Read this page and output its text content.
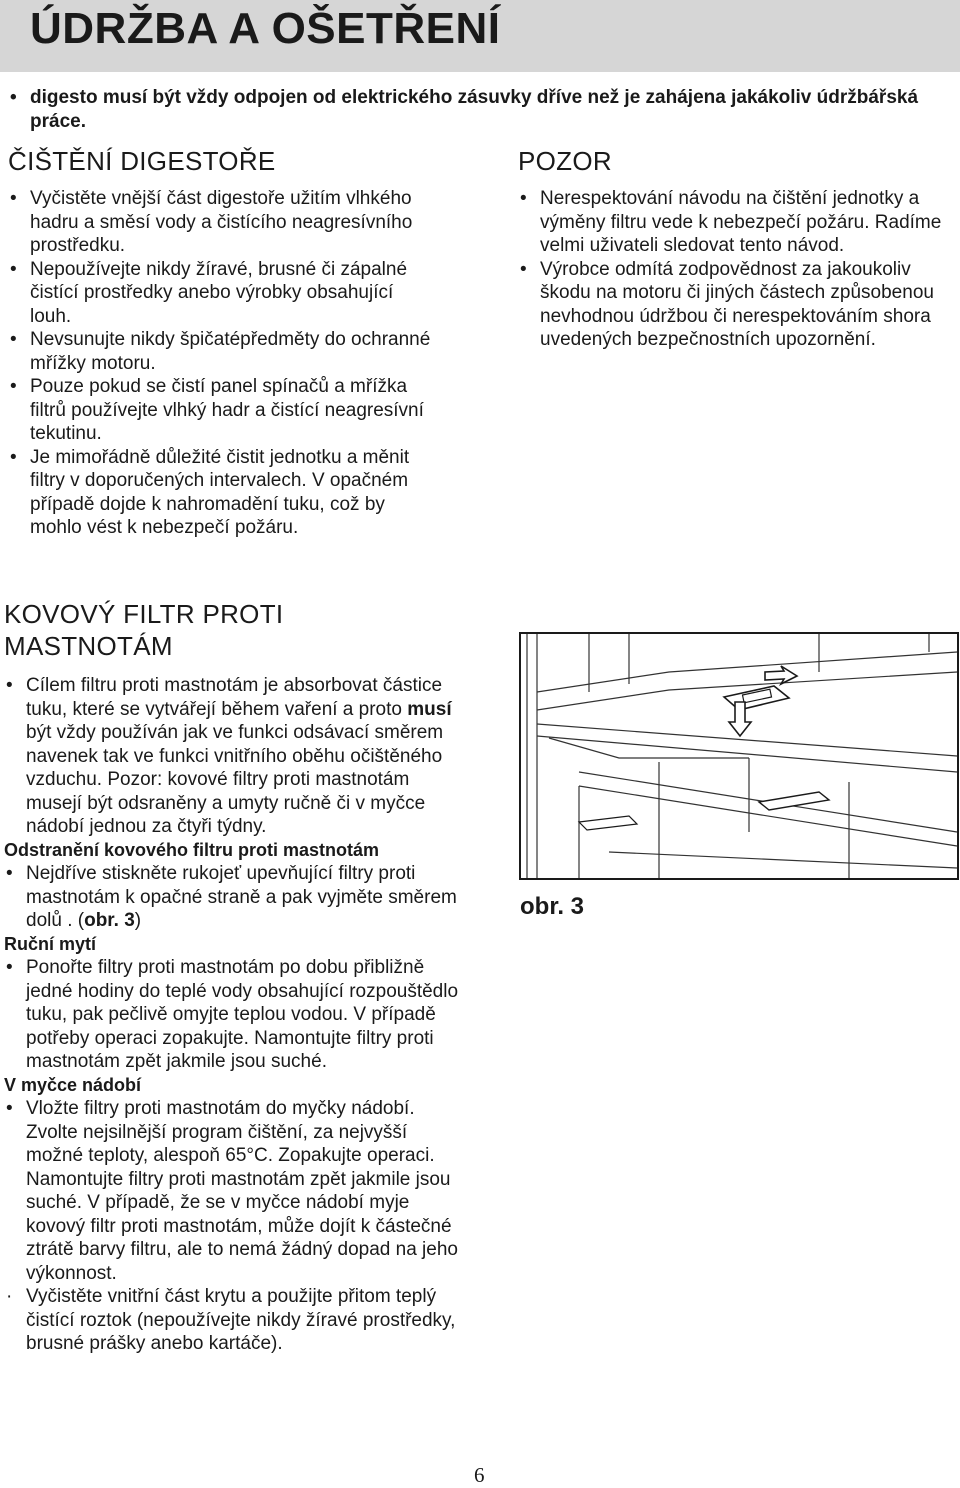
ÚDRŽBA A OŠETŘENÍ
• digesto musí být vždy odpojen od elektrického zásuvky dříve než je zahájena jakákoliv údržbářská práce.
ČIŠTĚNÍ DIGESTOŘE
• Vyčistěte vnější část digestoře užitím vlhkého hadru a směsí vody a čistícího neagresívního prostředku.
• Nepoužívejte nikdy žíravé, brusné či zápalné čistící prostředky anebo výrobky obsahující louh.
• Nevsunujte nikdy špičatépředměty do ochranné mřížky motoru.
• Pouze pokud se čistí panel spínačů a mřížka filtrů používejte vlhký hadr a čistící neagresívní tekutinu.
• Je mimořádně důležité čistit jednotku a měnit filtry v doporučených intervalech. V opačném případě dojde k nahromadění tuku, což by mohlo vést k nebezpečí požáru.
POZOR
• Nerespektování návodu na čištění jednotky a výměny filtru vede k nebezpečí požáru. Radíme velmi uživateli sledovat tento návod.
• Výrobce odmítá zodpovědnost za jakoukoliv škodu na motoru či jiných částech způsobenou nevhodnou údržbou či nerespektováním shora uvedených bezpečnostních upozornění.
KOVOVÝ FILTR PROTI
MASTNOTÁM
• Cílem filtru proti mastnotám je absorbovat částice tuku, které se vytvářejí během vaření a proto musí být vždy používán jak ve funkci odsávací směrem navenek tak ve funkci vnitřního oběhu očištěného vzduchu. Pozor: kovové filtry proti mastnotám musejí být odsraněny a umyty ručně či v myčce nádobí jednou za čtyři týdny.
Odstranění kovového filtru proti mastnotám
• Nejdříve stiskněte rukojeť upevňující filtry proti mastnotám k opačné straně a pak vyjměte směrem dolů . (obr. 3)
Ruční mytí
• Ponořte filtry proti mastnotám po dobu přibližně jedné hodiny do teplé vody obsahující rozpouštědlo tuku, pak pečlivě omyjte teplou vodou. V případě potřeby operaci zopakujte. Namontujte filtry proti mastnotám zpět jakmile jsou suché.
V myčce nádobí
• Vložte filtry proti mastnotám do myčky nádobí. Zvolte nejsilnější program čištění, za nejvyšší možné teploty, alespoň 65°C. Zopakujte operaci. Namontujte filtry proti mastnotám zpět jakmile jsou suché. V případě, že se v myčce nádobí myje kovový filtr proti mastnotám, může dojít k částečné ztrátě barvy filtru, ale to nemá žádný dopad na jeho výkonnost.
· Vyčistěte vnitřní část krytu a použijte přitom teplý čistící roztok (nepoužívejte nikdy žíravé prostředky, brusné prášky anebo kartáče).
obr. 3
6
